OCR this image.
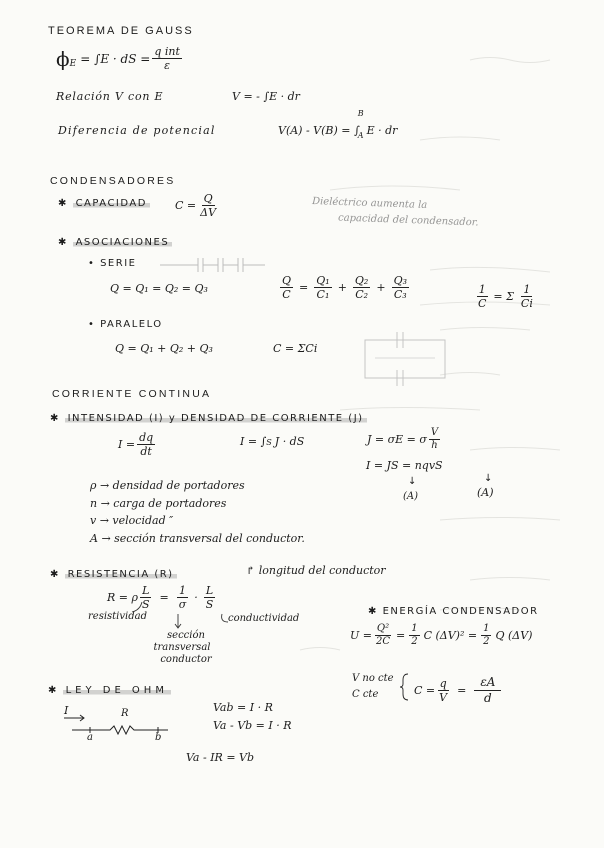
TEOREMA DE GAUSS
$\phi_E = \int E$ · dS = $\frac{\text{q int}}{\varepsilon}$
Relación V con E	V = - ∫E · dr
Diferencia de potencial	V(A) - V(B) = ∫
B
A E · dr
CONDENSADORES
✱ CAPACIDAD	$C = \frac{Q}{\Delta V}$	Dieléctrico aumenta la
capacidad del condensador.
✱ ASOCIACIONES
• SERIE
Q = Q₁ = Q₂ = Q₃	$\frac{Q}{C} = \frac{\text{Q₁}}{\text{C₁}} + \frac{\text{Q₂}}{\text{C₂}} + \frac{\text{Q₃}}{\text{C₃}}$	$\frac{1}{C} = \Sigma \frac{1}{Ci}$
• PARALELO
Q = Q₁ + Q₂ + Q₃	C = ΣCi
CORRIENTE CONTINUA
✱ INTENSIDAD (I) y DENSIDAD DE CORRIENTE (J)
$I = \frac{dq}{dt}$	I = ∫ S J · dS	J = σE = σ $\frac{V}{h}$
I = JS = nqvS
↓
(A)
↓
(A)
ρ → densidad de portadores
n → carga de portadores
v → velocidad ″
A → sección transversal del conductor.
✱ RESISTENCIA (R)	↱ longitud del conductor
R = ρ $\frac{L}{S} = \frac{1}{\sigma} \cdot \frac{L}{S}$
resistividad	conductividad
sección
transversal
conductor
✱ ENERGÍA CONDENSADOR
$U = \frac{\text{Q²}}{2C} = \frac{1}{2}$ C $(\Delta V)^2 = \frac{1}{2}$ Q (ΔV)
V no cte
C cte	$C = \frac{q}{V} = \frac{\varepsilon A}{d}$
✱ LEY DE OHM
I	R
a	b
Vab = I · R
Va - Vb = I · R
Va - IR = Vb
